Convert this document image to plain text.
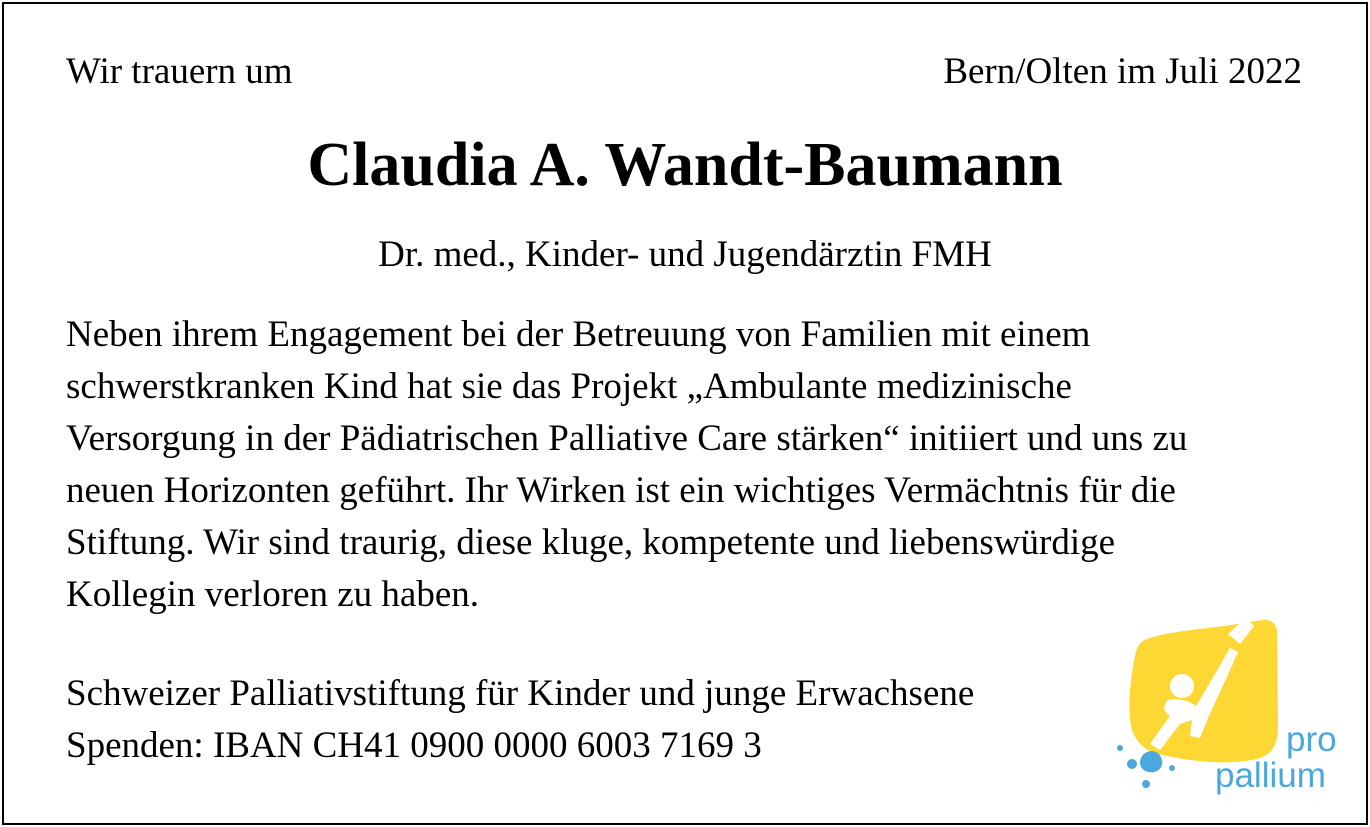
Wir trauern um	Bern/Olten im Juli 2022
Claudia A. Wandt-Baumann
Dr. med., Kinder- und Jugendärztin FMH
Neben ihrem Engagement bei der Betreuung von Familien mit einem
schwerstkranken Kind hat sie das Projekt „Ambulante medizinische
Versorgung in der Pädiatrischen Palliative Care stärken“ initiiert und uns zu
neuen Horizonten geführt. Ihr Wirken ist ein wichtiges Vermächtnis für die
Stiftung. Wir sind traurig, diese kluge, kompetente und liebenswürdige
Kollegin verloren zu haben.
Schweizer Palliativstiftung für Kinder und junge Erwachsene
Spenden: IBAN CH41 0900 0000 6003 7169 3	pro
pallium
